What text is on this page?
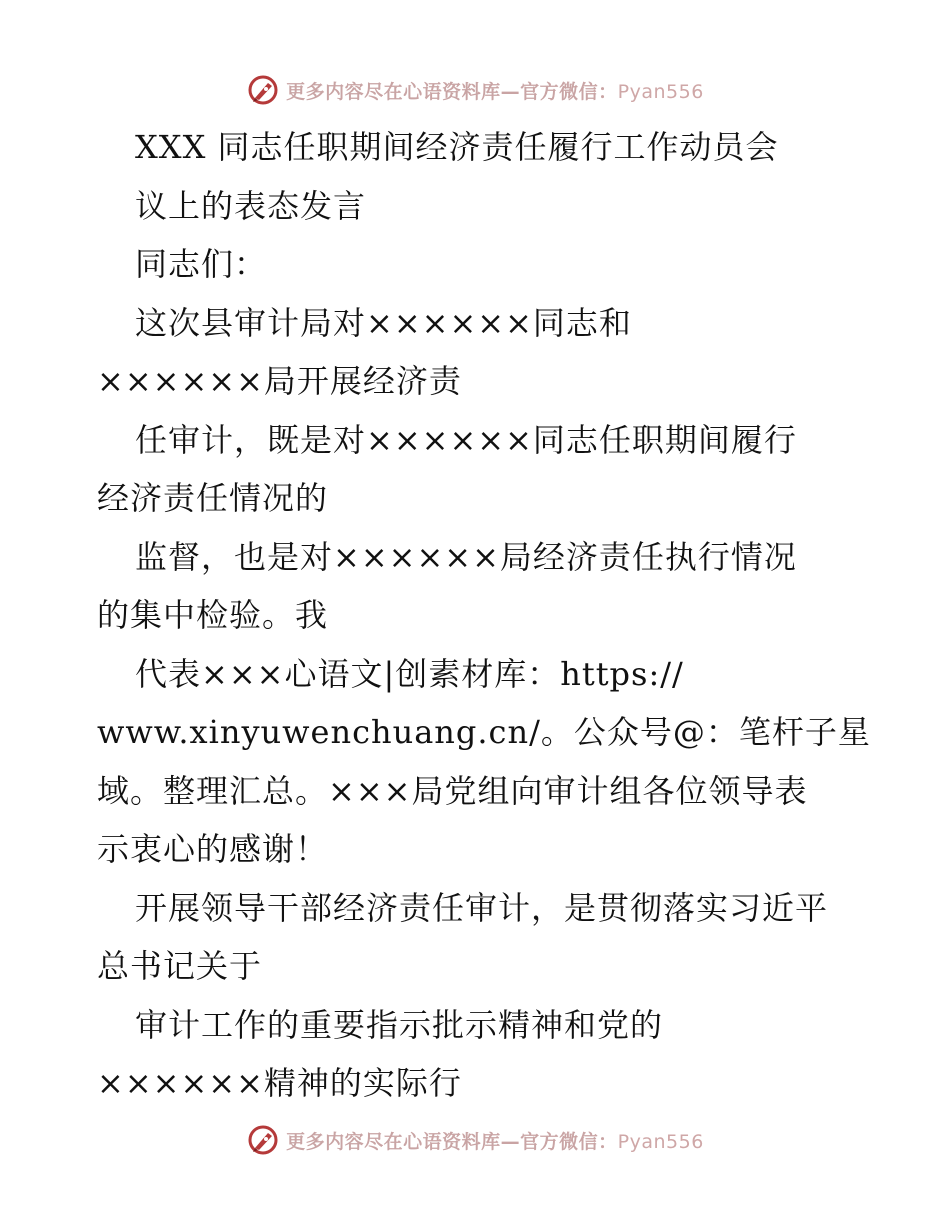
更多内容尽在心语资料库—官方微信：Pyan556
XXX 同志任职期间经济责任履行工作动员会
议上的表态发言
同志们：
这次县审计局对××××××同志和
××××××局开展经济责
任审计，既是对××××××同志任职期间履行
经济责任情况的
监督，也是对××××××局经济责任执行情况
的集中检验。我
代表×××心语文|创素材库：https://
www.xinyuwenchuang.cn/。公众号@：笔杆子星
域。整理汇总。×××局党组向审计组各位领导表
示衷心的感谢！
开展领导干部经济责任审计，是贯彻落实习近平
总书记关于
审计工作的重要指示批示精神和党的
××××××精神的实际行
更多内容尽在心语资料库—官方微信：Pyan556
